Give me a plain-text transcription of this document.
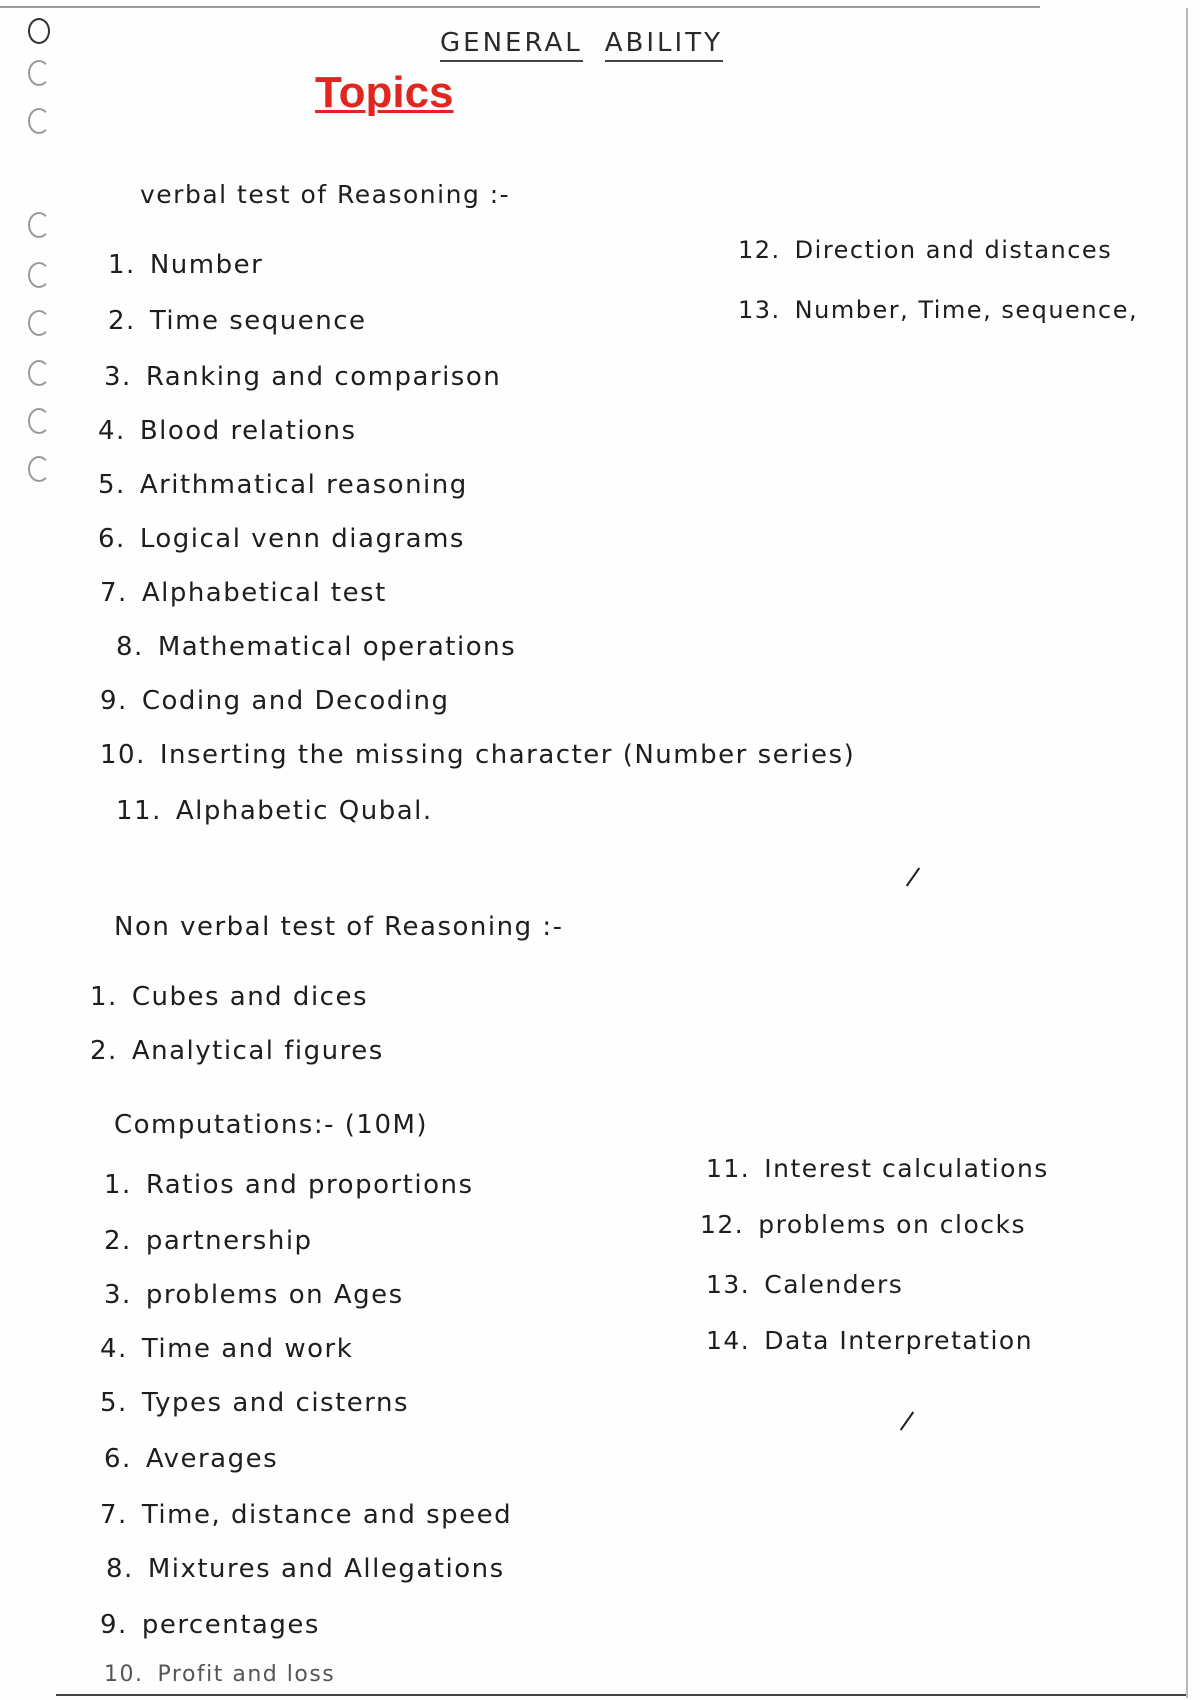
GENERAL ABILITY
Topics
verbal test of Reasoning :-
1. Number
2. Time sequence
3. Ranking and comparison
4. Blood relations
5. Arithmatical reasoning
6. Logical venn diagrams
7. Alphabetical test
8. Mathematical operations
9. Coding and Decoding
10. Inserting the missing character (Number series)
11. Alphabetic Qubal.
12. Direction and distances
13. Number, Time, sequence,
Non verbal test of Reasoning :-
1. Cubes and dices
2. Analytical figures
Computations:- (10M)
1. Ratios and proportions
2. partnership
3. problems on Ages
4. Time and work
5. Types and cisterns
6. Averages
7. Time, distance and speed
8. Mixtures and Allegations
9. percentages
10. Profit and loss
11. Interest calculations
12. problems on clocks
13. Calenders
14. Data Interpretation
